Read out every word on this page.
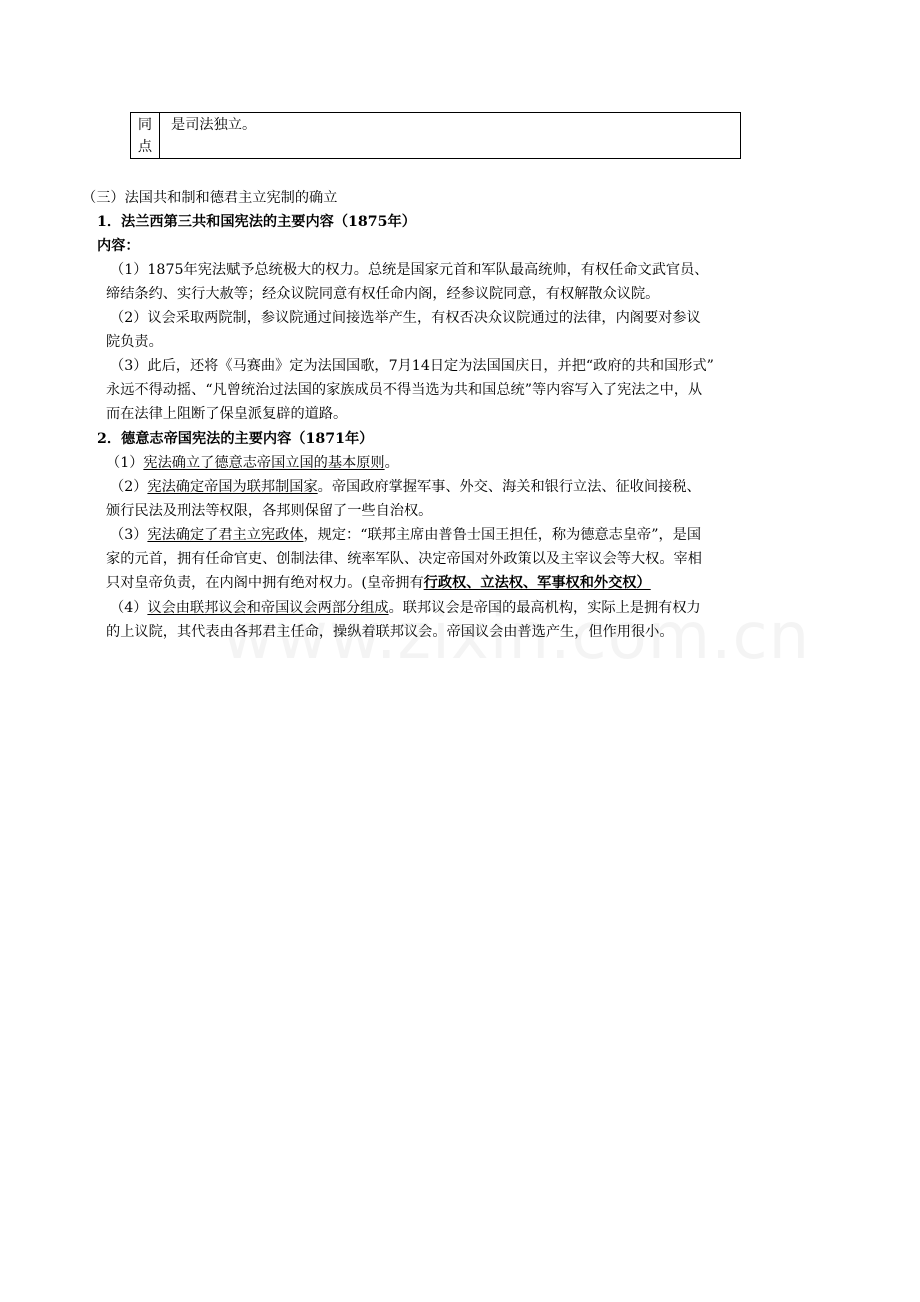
同
点
是司法独立。
（三）法国共和制和德君主立宪制的确立
1．法兰西第三共和国宪法的主要内容（1875年）
内容：
（1）1875年宪法赋予总统极大的权力。总统是国家元首和军队最高统帅，有权任命文武官员、
缔结条约、实行大赦等；经众议院同意有权任命内阁，经参议院同意，有权解散众议院。
（2）议会采取两院制，参议院通过间接选举产生，有权否决众议院通过的法律，内阁要对参议
院负责。
（3）此后，还将《马赛曲》定为法国国歌，7月14日定为法国国庆日，并把“政府的共和国形式”
永远不得动摇、“凡曾统治过法国的家族成员不得当选为共和国总统”等内容写入了宪法之中，从
而在法律上阻断了保皇派复辟的道路。
2．德意志帝国宪法的主要内容（1871年）
（1）宪法确立了德意志帝国立国的基本原则。
（2）宪法确定帝国为联邦制国家。帝国政府掌握军事、外交、海关和银行立法、征收间接税、
颁行民法及刑法等权限，各邦则保留了一些自治权。
（3）宪法确定了君主立宪政体，规定：“联邦主席由普鲁士国王担任，称为德意志皇帝”，是国
家的元首，拥有任命官吏、创制法律、统率军队、决定帝国对外政策以及主宰议会等大权。宰相
只对皇帝负责，在内阁中拥有绝对权力。(皇帝拥有行政权、立法权、军事权和外交权）
（4）议会由联邦议会和帝国议会两部分组成。联邦议会是帝国的最高机构，实际上是拥有权力
的上议院，其代表由各邦君主任命，操纵着联邦议会。帝国议会由普选产生，但作用很小。
